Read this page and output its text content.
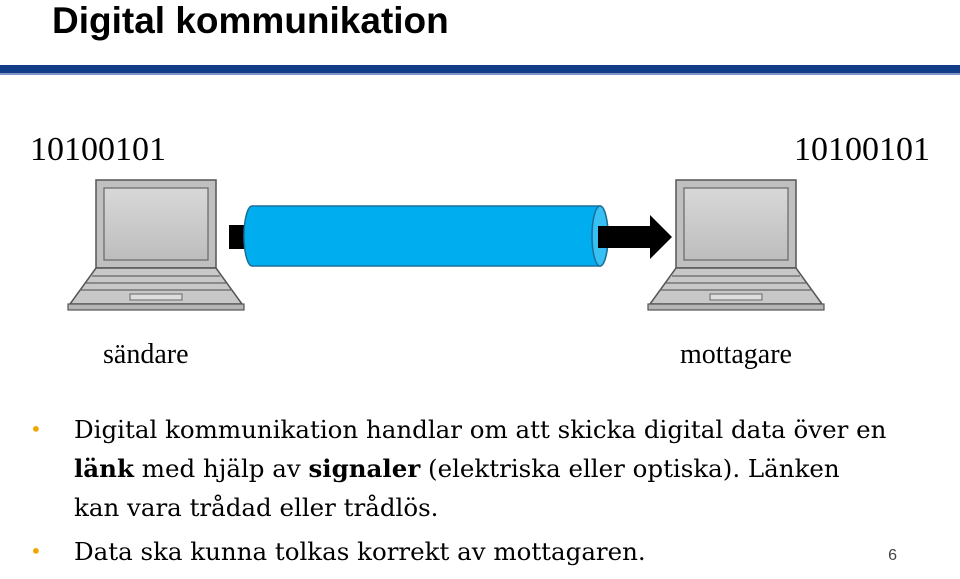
Digital kommunikation
10100101	10100101
sändare	mottagare
• Digital kommunikation handlar om att skicka digital data över en länk med hjälp av signaler (elektriska eller optiska). Länken kan vara trådad eller trådlös.
• Data ska kunna tolkas korrekt av mottagaren.	6
